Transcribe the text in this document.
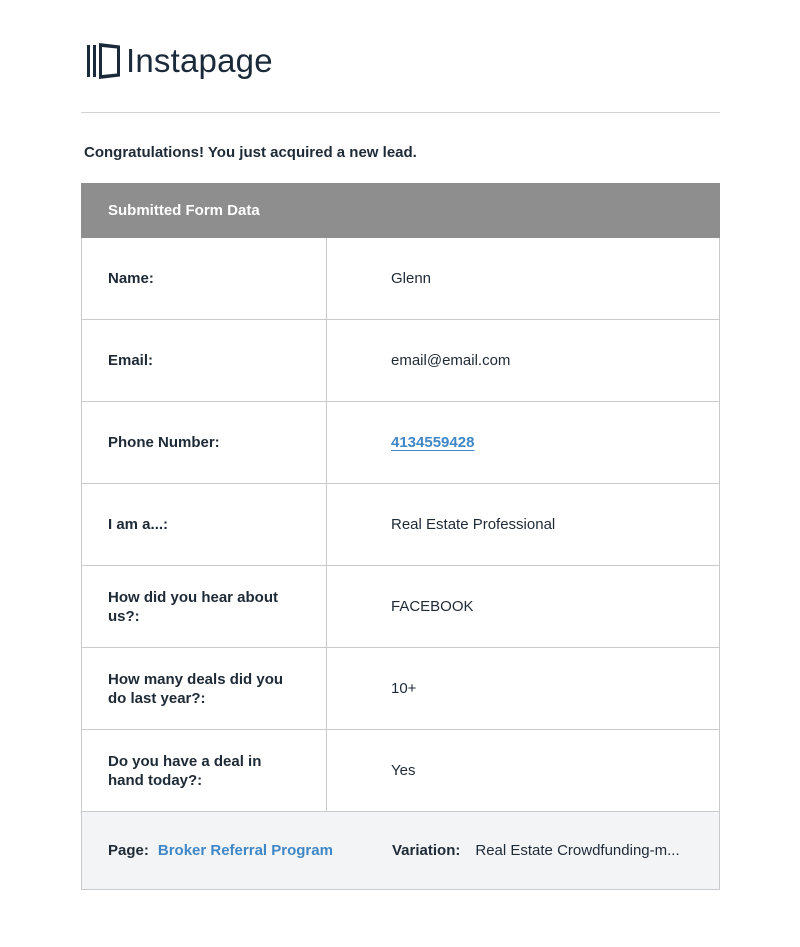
Instapage
Congratulations! You just acquired a new lead.
Submitted Form Data
Name:	Glenn
Email:	email@email.com
Phone Number:	4134559428
I am a...:	Real Estate Professional
How did you hear about us?:
FACEBOOK
How many deals did you do last year?:
10+
Do you have a deal in hand today?:
Yes
Page: Broker Referral Program	Variation: Real Estate Crowdfunding-m...
